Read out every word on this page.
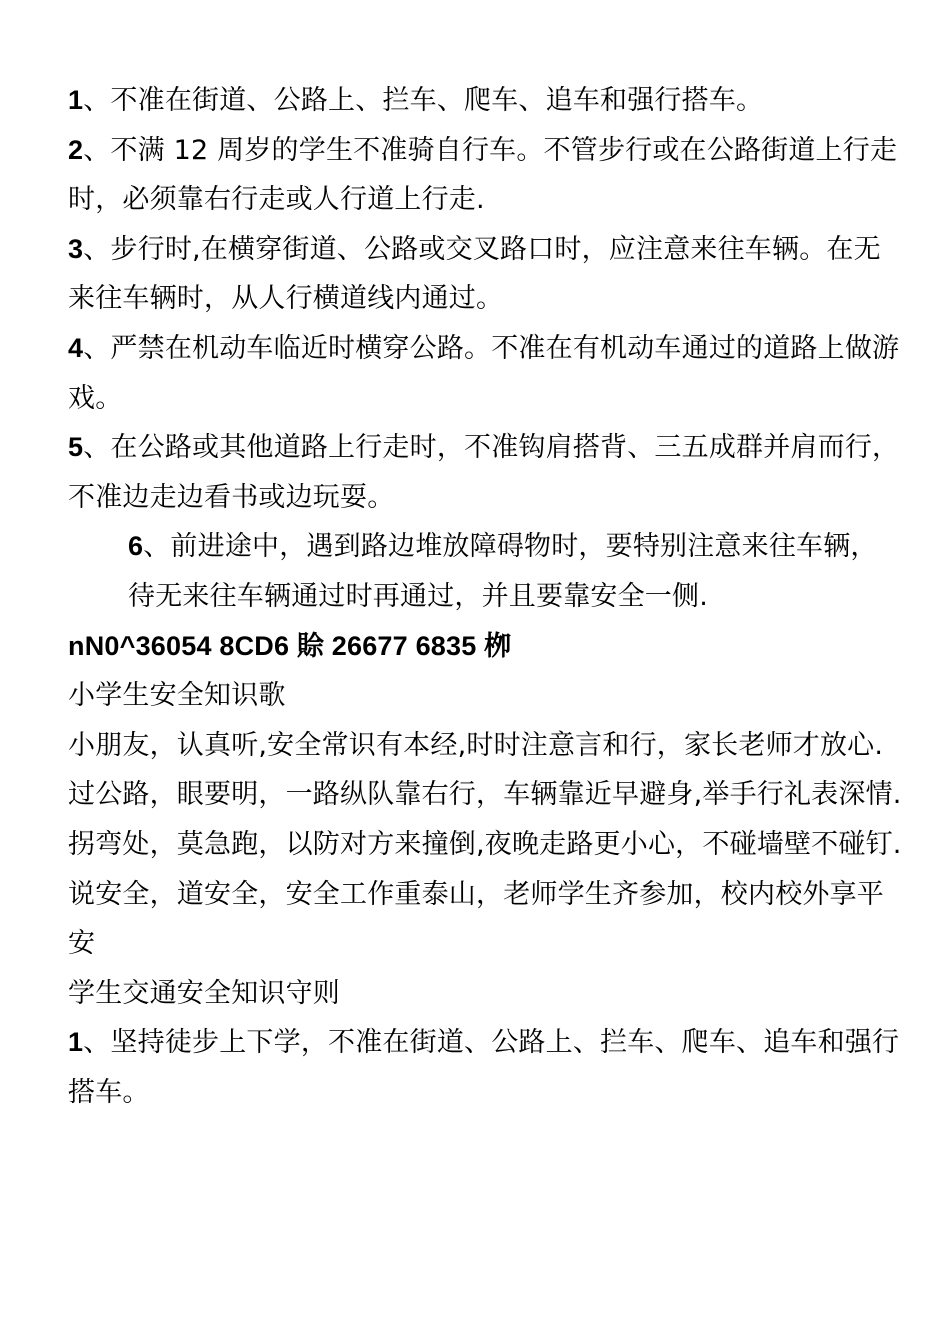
1、不准在街道、公路上、拦车、爬车、追车和强行搭车。

2、不满 12 周岁的学生不准骑自行车。不管步行或在公路街道上行走时，必须靠右行走或人行道上行走.

3、步行时,在横穿街道、公路或交叉路口时，应注意来往车辆。在无来往车辆时，从人行横道线内通过。

4、严禁在机动车临近时横穿公路。不准在有机动车通过的道路上做游戏。

5、在公路或其他道路上行走时，不准钩肩搭背、三五成群并肩而行，不准边走边看书或边玩耍。

6、前进途中，遇到路边堆放障碍物时，要特别注意来往车辆，待无来往车辆通过时再通过，并且要靠安全一侧.

nN0^36054 8CD6 賒 26677 6835 栁

小学生安全知识歌

小朋友，认真听,安全常识有本经,时时注意言和行，家长老师才放心.

过公路，眼要明，一路纵队靠右行，车辆靠近早避身,举手行礼表深情.

拐弯处，莫急跑，以防对方来撞倒,夜晚走路更小心，不碰墙壁不碰钉.

说安全，道安全，安全工作重泰山，老师学生齐参加，校内校外享平安

学生交通安全知识守则

1、坚持徒步上下学，不准在街道、公路上、拦车、爬车、追车和强行搭车。
